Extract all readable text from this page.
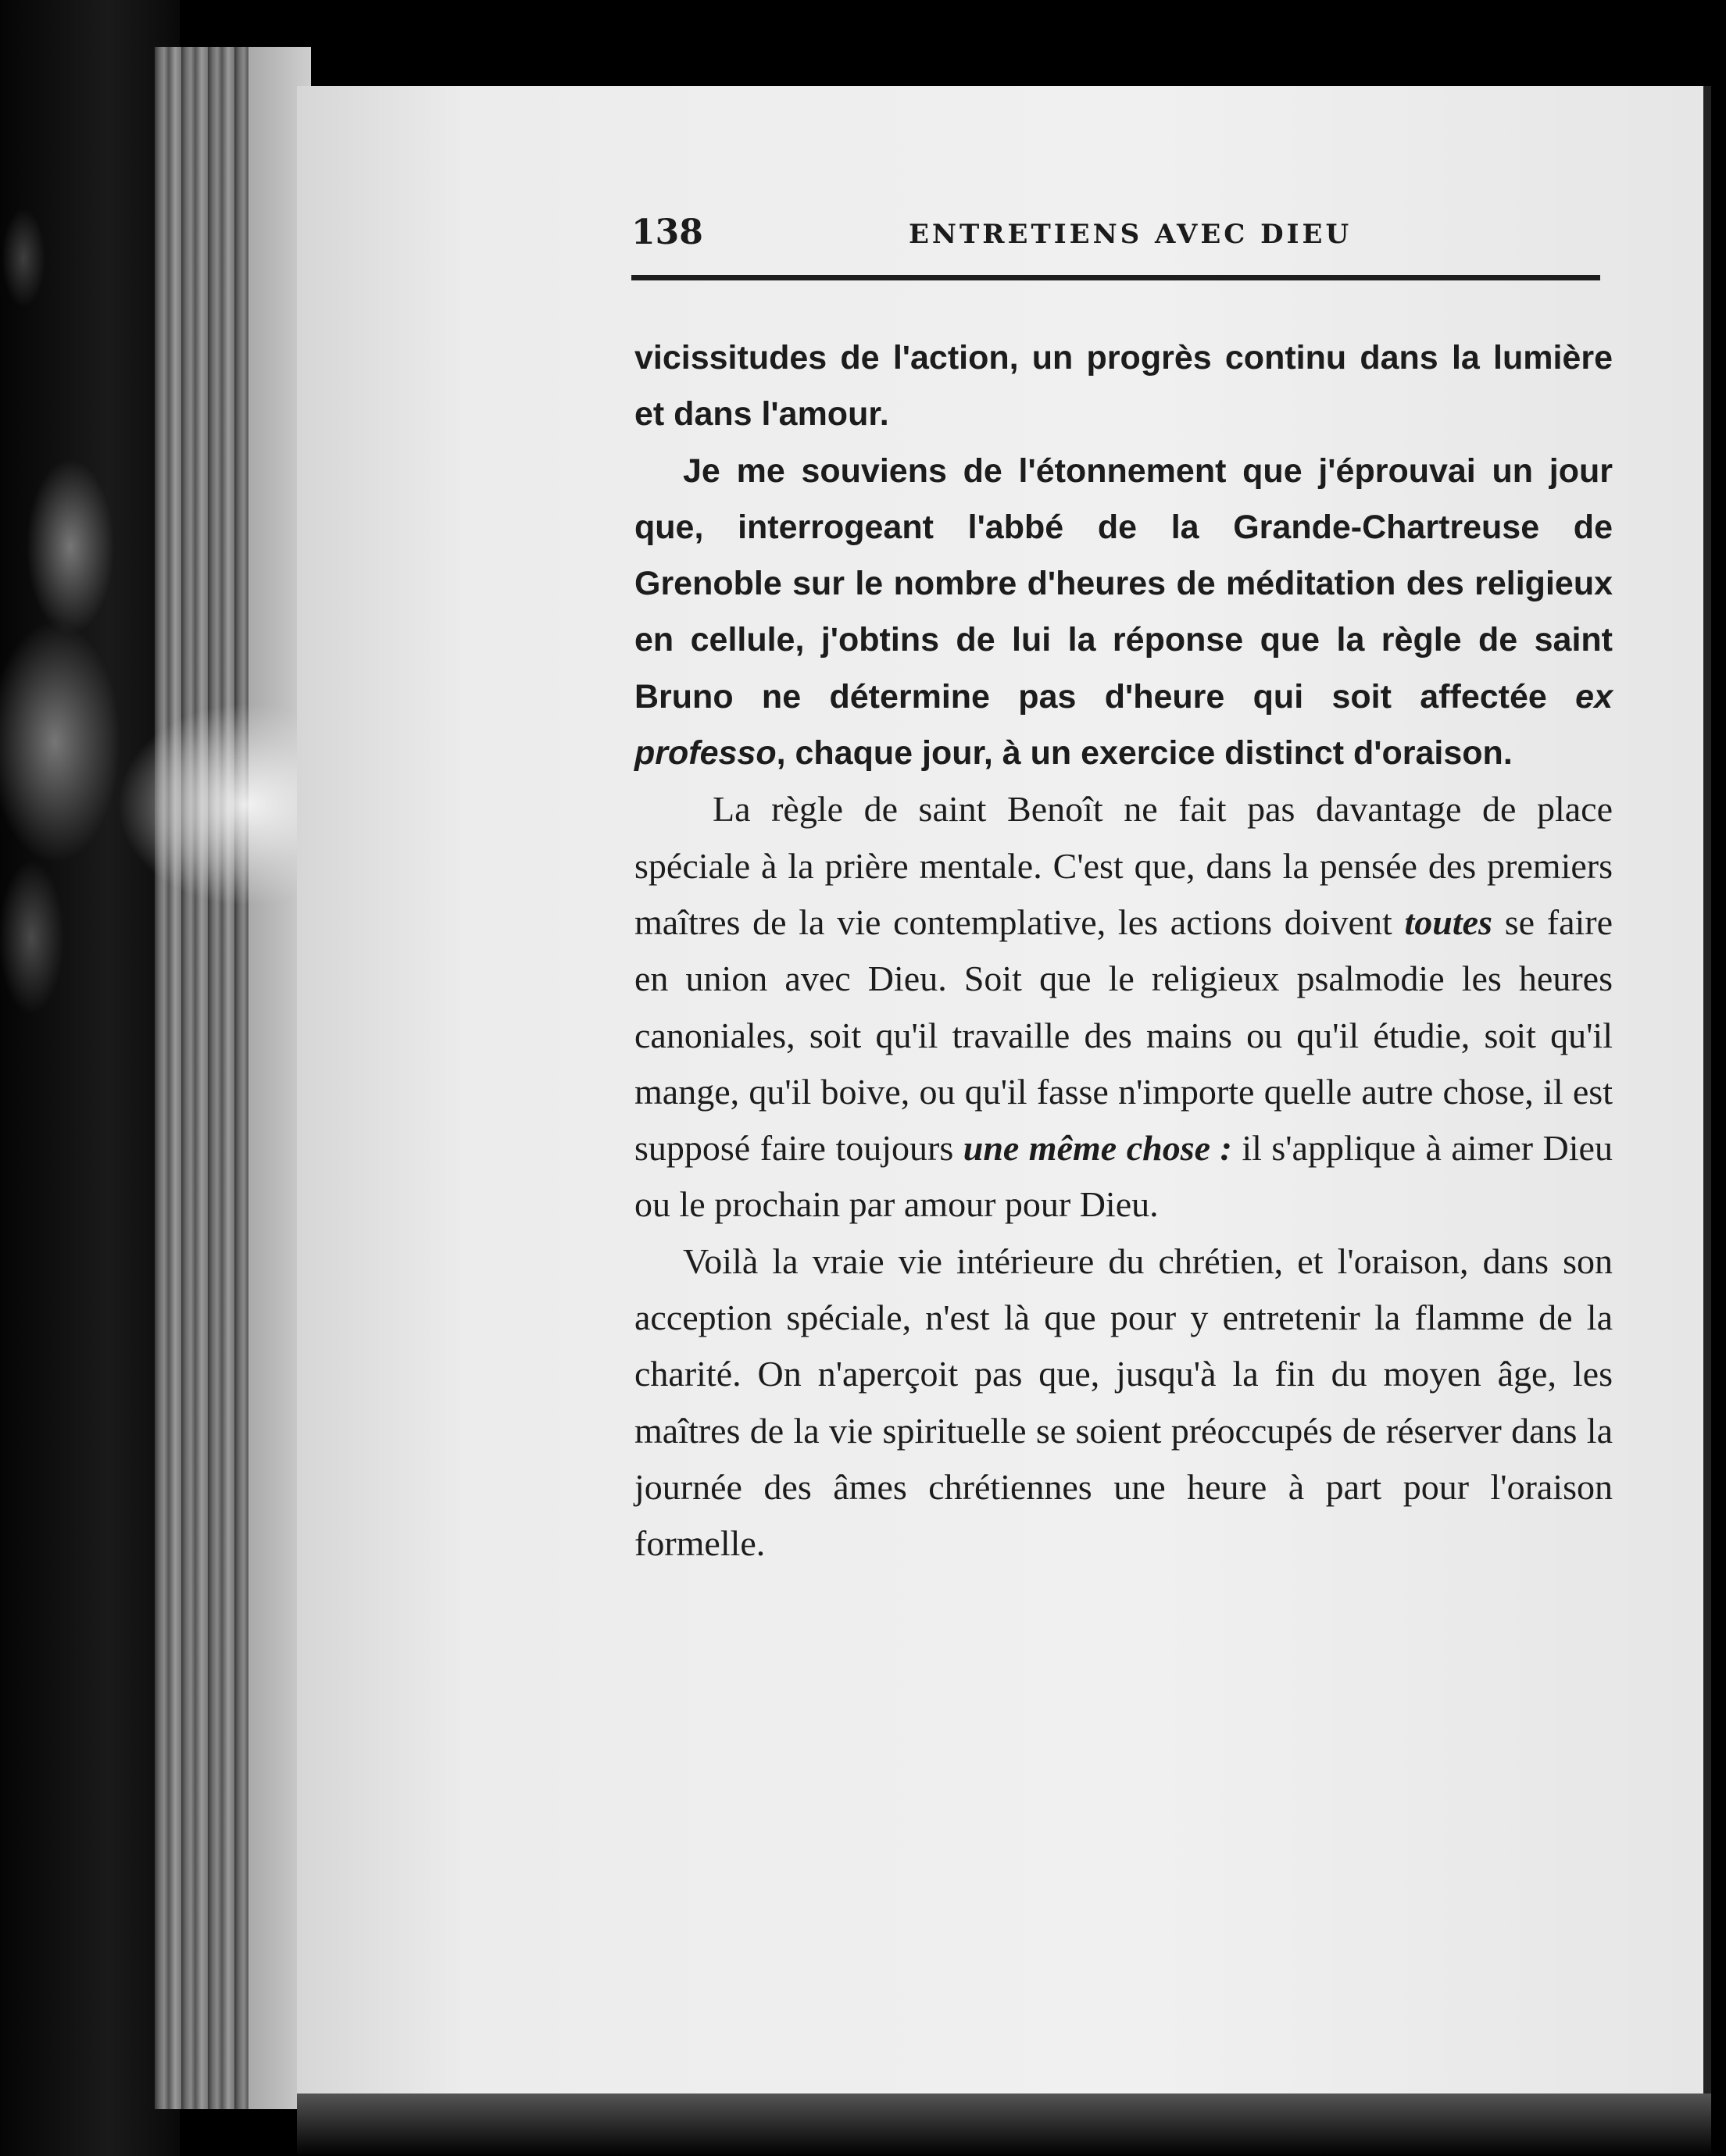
138	ENTRETIENS AVEC DIEU

vicissitudes de l'action, un progrès continu dans la lumière et dans l'amour.

Je me souviens de l'étonnement que j'éprouvai un jour que, interrogeant l'abbé de la Grande-Chartreuse de Grenoble sur le nombre d'heures de méditation des religieux en cellule, j'obtins de lui la réponse que la règle de saint Bruno ne détermine pas d'heure qui soit affectée ex professo, chaque jour, à un exercice distinct d'oraison.

La règle de saint Benoît ne fait pas davantage de place spéciale à la prière mentale. C'est que, dans la pensée des premiers maîtres de la vie contemplative, les actions doivent toutes se faire en union avec Dieu. Soit que le religieux psalmodie les heures canoniales, soit qu'il travaille des mains ou qu'il étudie, soit qu'il mange, qu'il boive, ou qu'il fasse n'importe quelle autre chose, il est supposé faire toujours une même chose : il s'applique à aimer Dieu ou le prochain par amour pour Dieu.

Voilà la vraie vie intérieure du chrétien, et l'oraison, dans son acception spéciale, n'est là que pour y entretenir la flamme de la charité. On n'aperçoit pas que, jusqu'à la fin du moyen âge, les maîtres de la vie spirituelle se soient préoccupés de réserver dans la journée des âmes chrétiennes une heure à part pour l'oraison formelle.
